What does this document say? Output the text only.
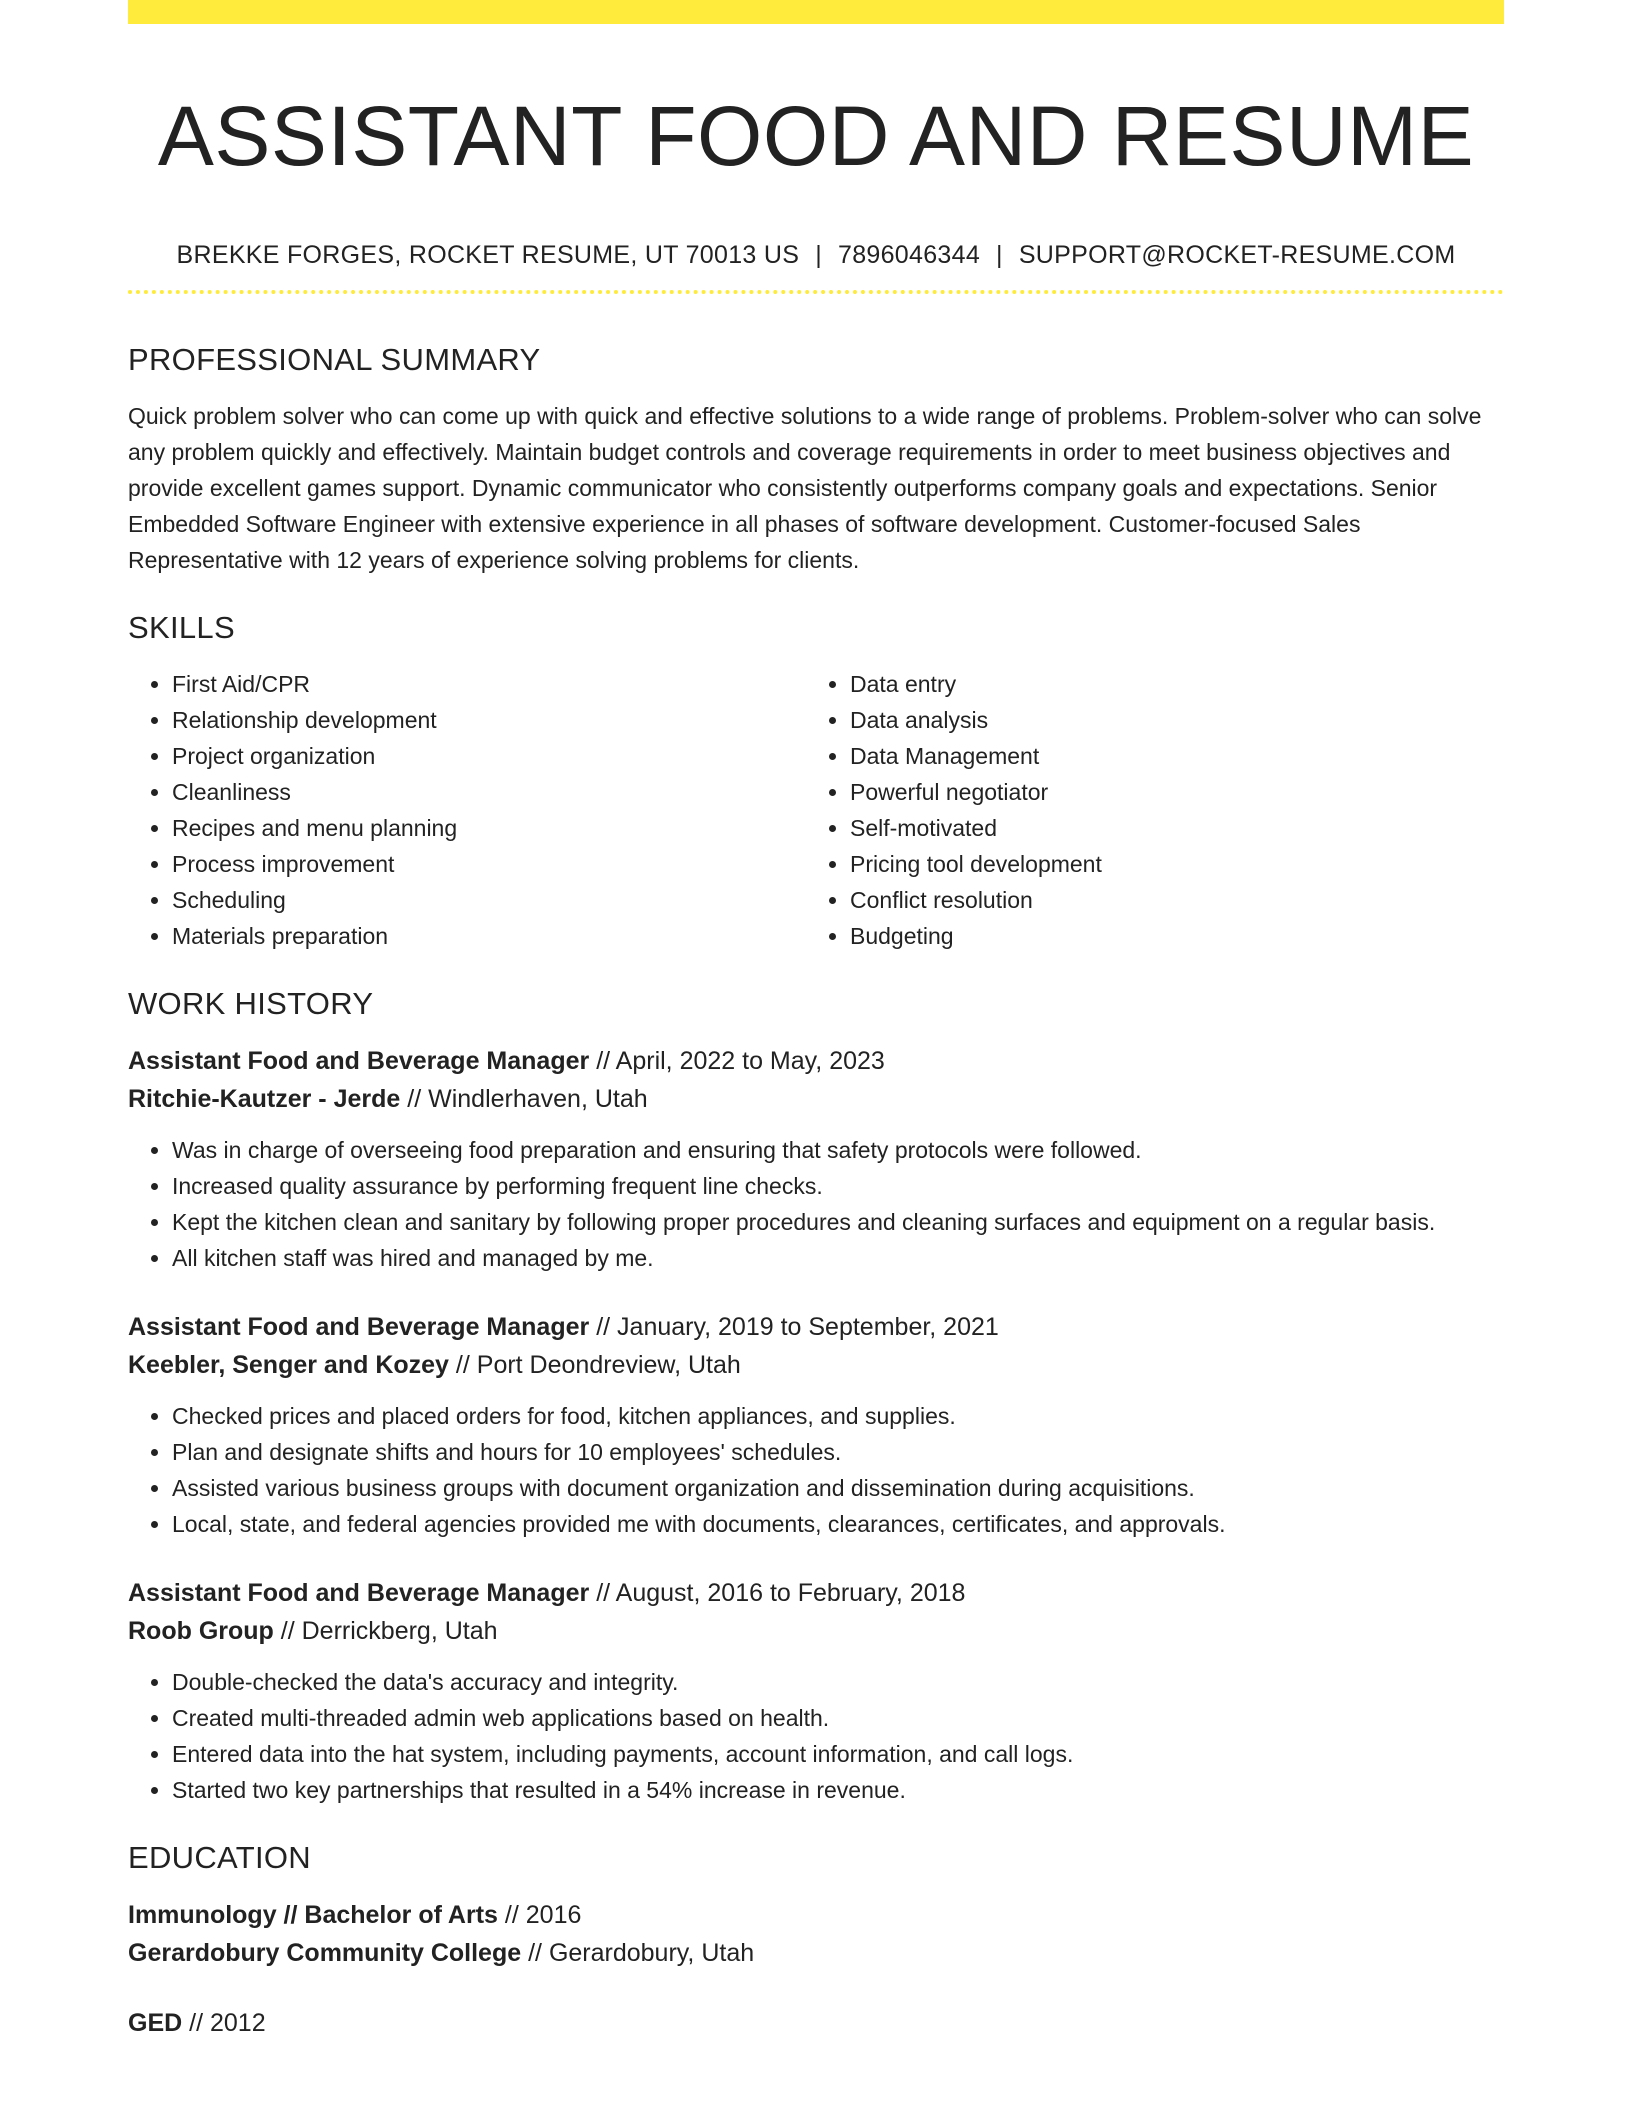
ASSISTANT FOOD AND RESUME
BREKKE FORGES, ROCKET RESUME, UT 70013 US | 7896046344 | SUPPORT@ROCKET-RESUME.COM
PROFESSIONAL SUMMARY
Quick problem solver who can come up with quick and effective solutions to a wide range of problems. Problem-solver who can solve any problem quickly and effectively. Maintain budget controls and coverage requirements in order to meet business objectives and provide excellent games support. Dynamic communicator who consistently outperforms company goals and expectations. Senior Embedded Software Engineer with extensive experience in all phases of software development. Customer-focused Sales Representative with 12 years of experience solving problems for clients.
SKILLS
• First Aid/CPR
• Relationship development
• Project organization
• Cleanliness
• Recipes and menu planning
• Process improvement
• Scheduling
• Materials preparation
• Data entry
• Data analysis
• Data Management
• Powerful negotiator
• Self-motivated
• Pricing tool development
• Conflict resolution
• Budgeting
WORK HISTORY
Assistant Food and Beverage Manager // April, 2022 to May, 2023
Ritchie-Kautzer - Jerde // Windlerhaven, Utah
• Was in charge of overseeing food preparation and ensuring that safety protocols were followed.
• Increased quality assurance by performing frequent line checks.
• Kept the kitchen clean and sanitary by following proper procedures and cleaning surfaces and equipment on a regular basis.
• All kitchen staff was hired and managed by me.
Assistant Food and Beverage Manager // January, 2019 to September, 2021
Keebler, Senger and Kozey // Port Deondreview, Utah
• Checked prices and placed orders for food, kitchen appliances, and supplies.
• Plan and designate shifts and hours for 10 employees' schedules.
• Assisted various business groups with document organization and dissemination during acquisitions.
• Local, state, and federal agencies provided me with documents, clearances, certificates, and approvals.
Assistant Food and Beverage Manager // August, 2016 to February, 2018
Roob Group // Derrickberg, Utah
• Double-checked the data's accuracy and integrity.
• Created multi-threaded admin web applications based on health.
• Entered data into the hat system, including payments, account information, and call logs.
• Started two key partnerships that resulted in a 54% increase in revenue.
EDUCATION
Immunology // Bachelor of Arts // 2016
Gerardobury Community College // Gerardobury, Utah
GED // 2012
